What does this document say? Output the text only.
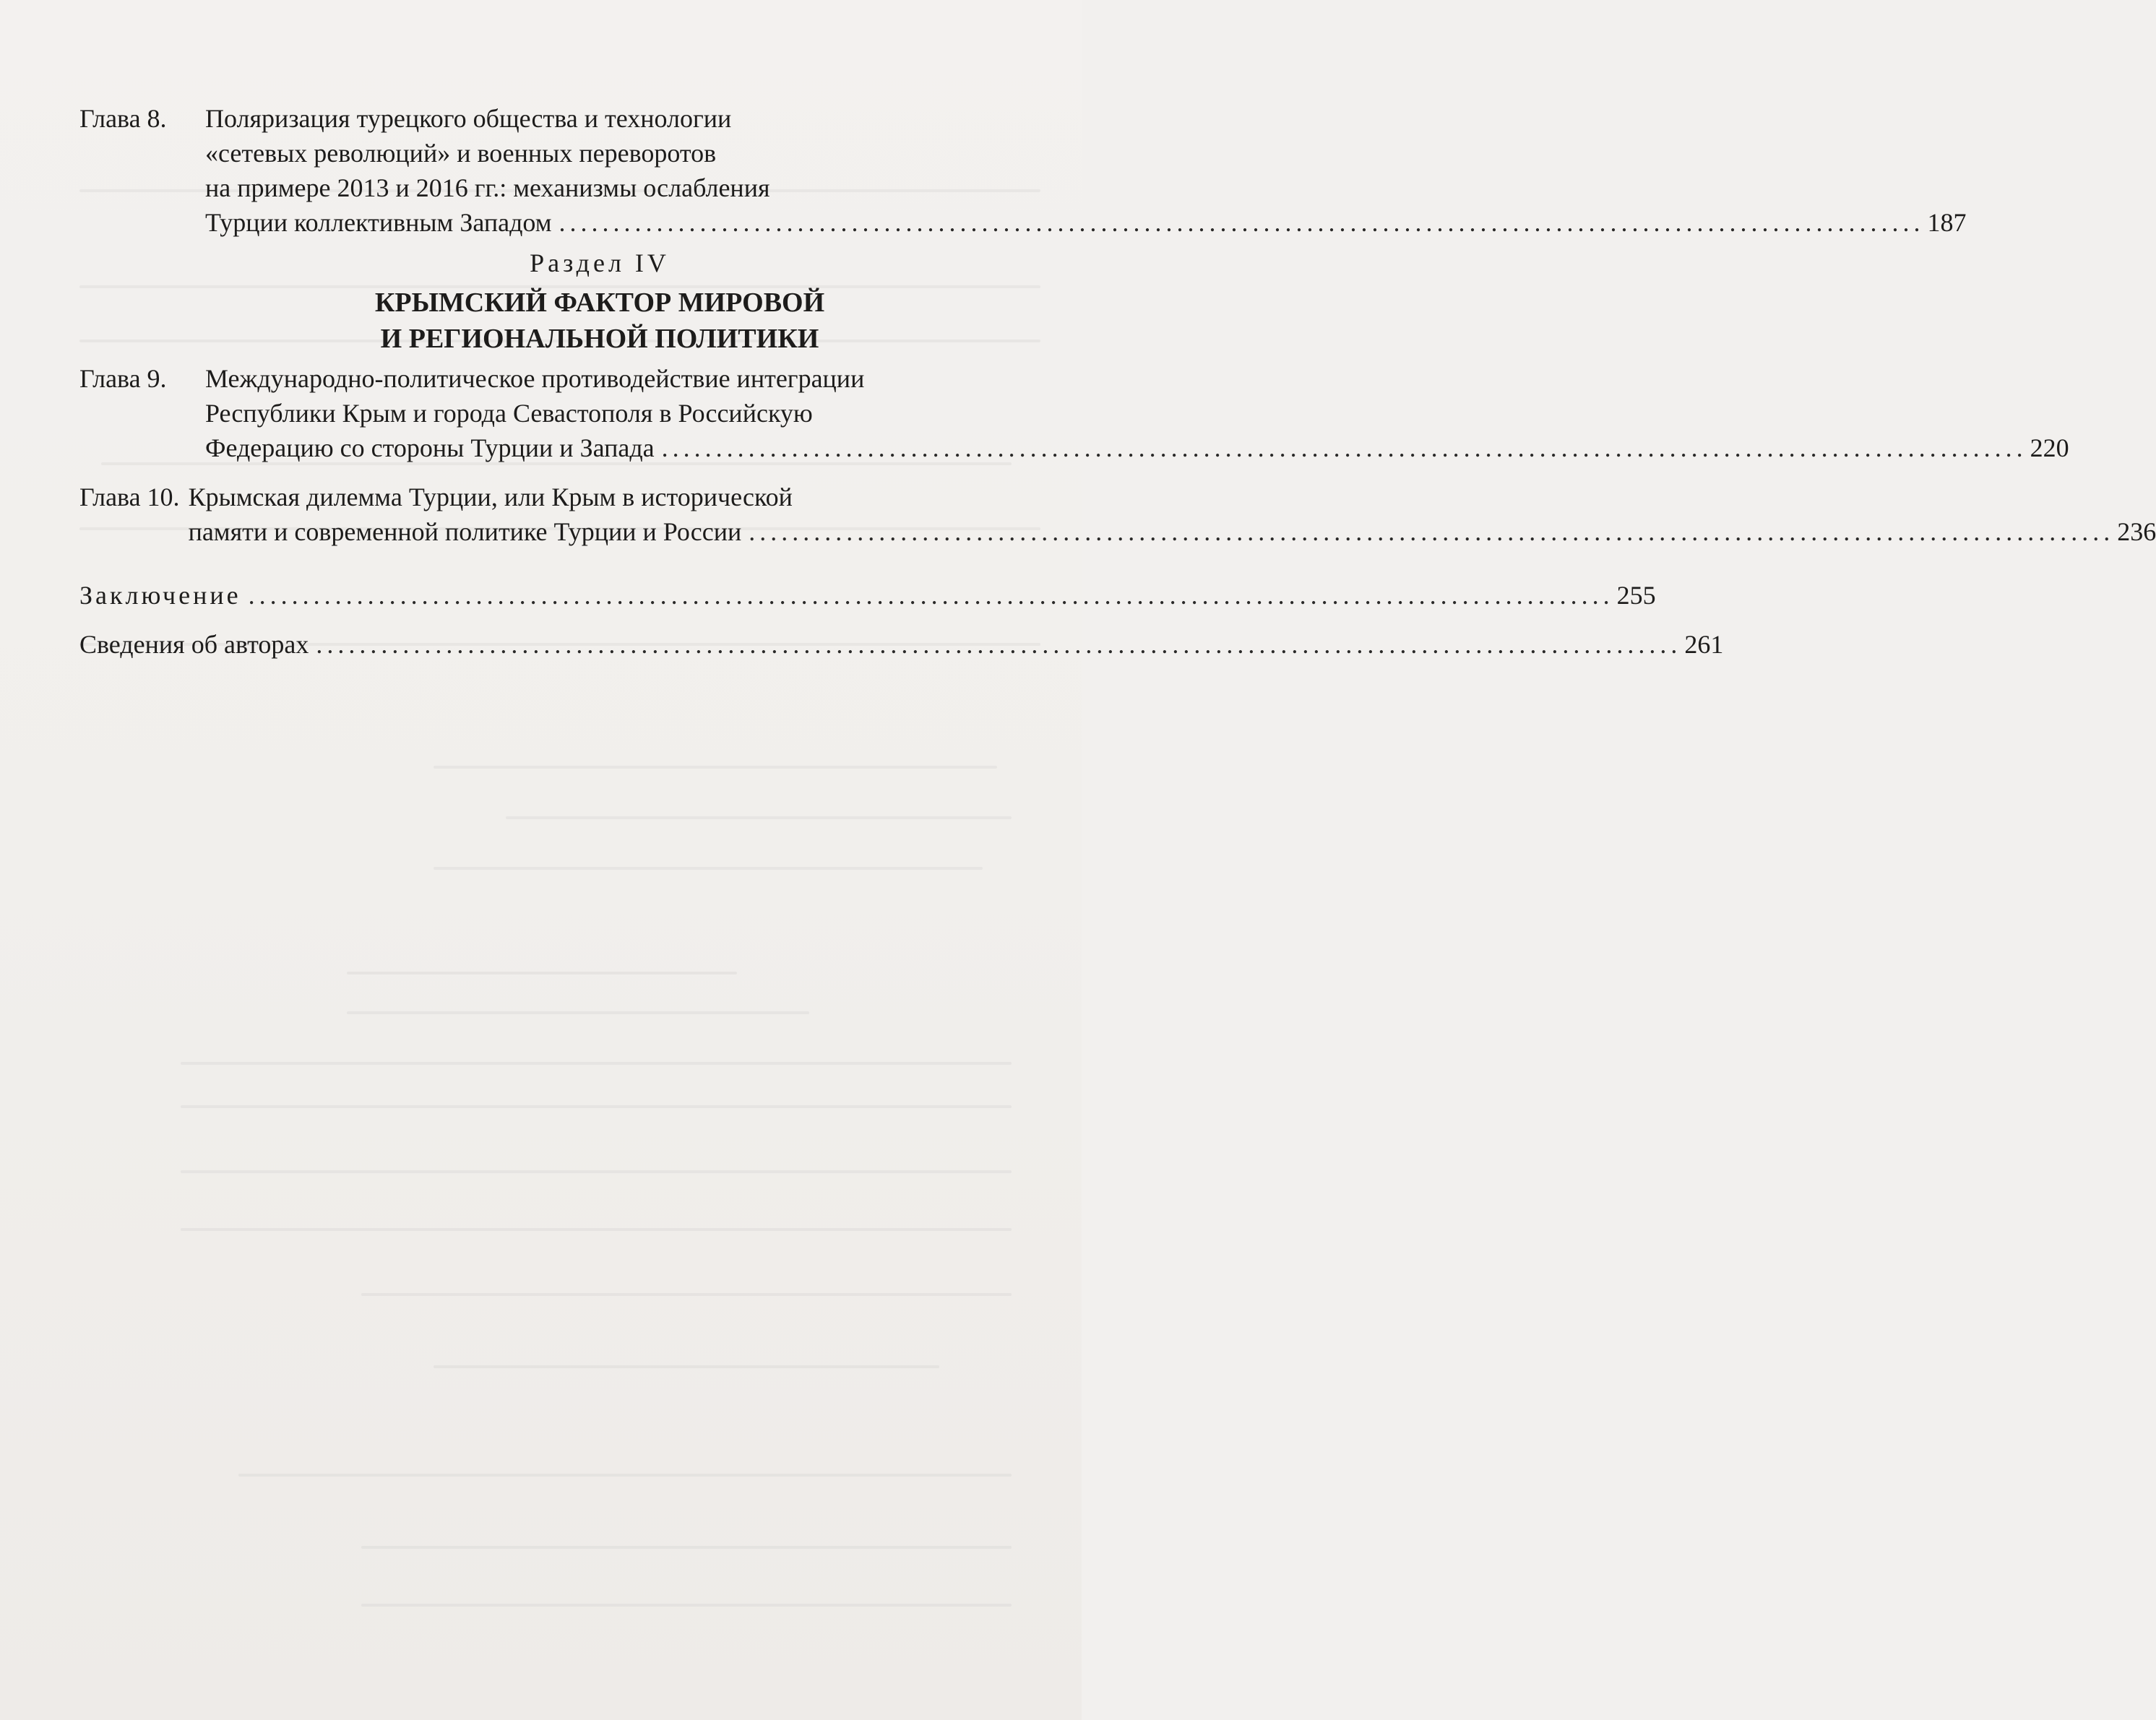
Глава 8.	Поляризация турецкого общества и технологии
«сетевых революций» и военных переворотов
на примере 2013 и 2016 гг.: механизмы ослабления
Турции коллективным Западом .............................................................................................................................. 187
Раздел IV
КРЫМСКИЙ ФАКТОР МИРОВОЙ
И РЕГИОНАЛЬНОЙ ПОЛИТИКИ
Глава 9.	Международно-политическое противодействие интеграции
Республики Крым и города Севастополя в Российскую
Федерацию со стороны Турции и Запада .............................................................................................................................. 220
Глава 10. Крымская дилемма Турции, или Крым в исторической
памяти и современной политике Турции и России .............................................................................................................................. 236
Заключение .............................................................................................................................. 255
Сведения об авторах .............................................................................................................................. 261
